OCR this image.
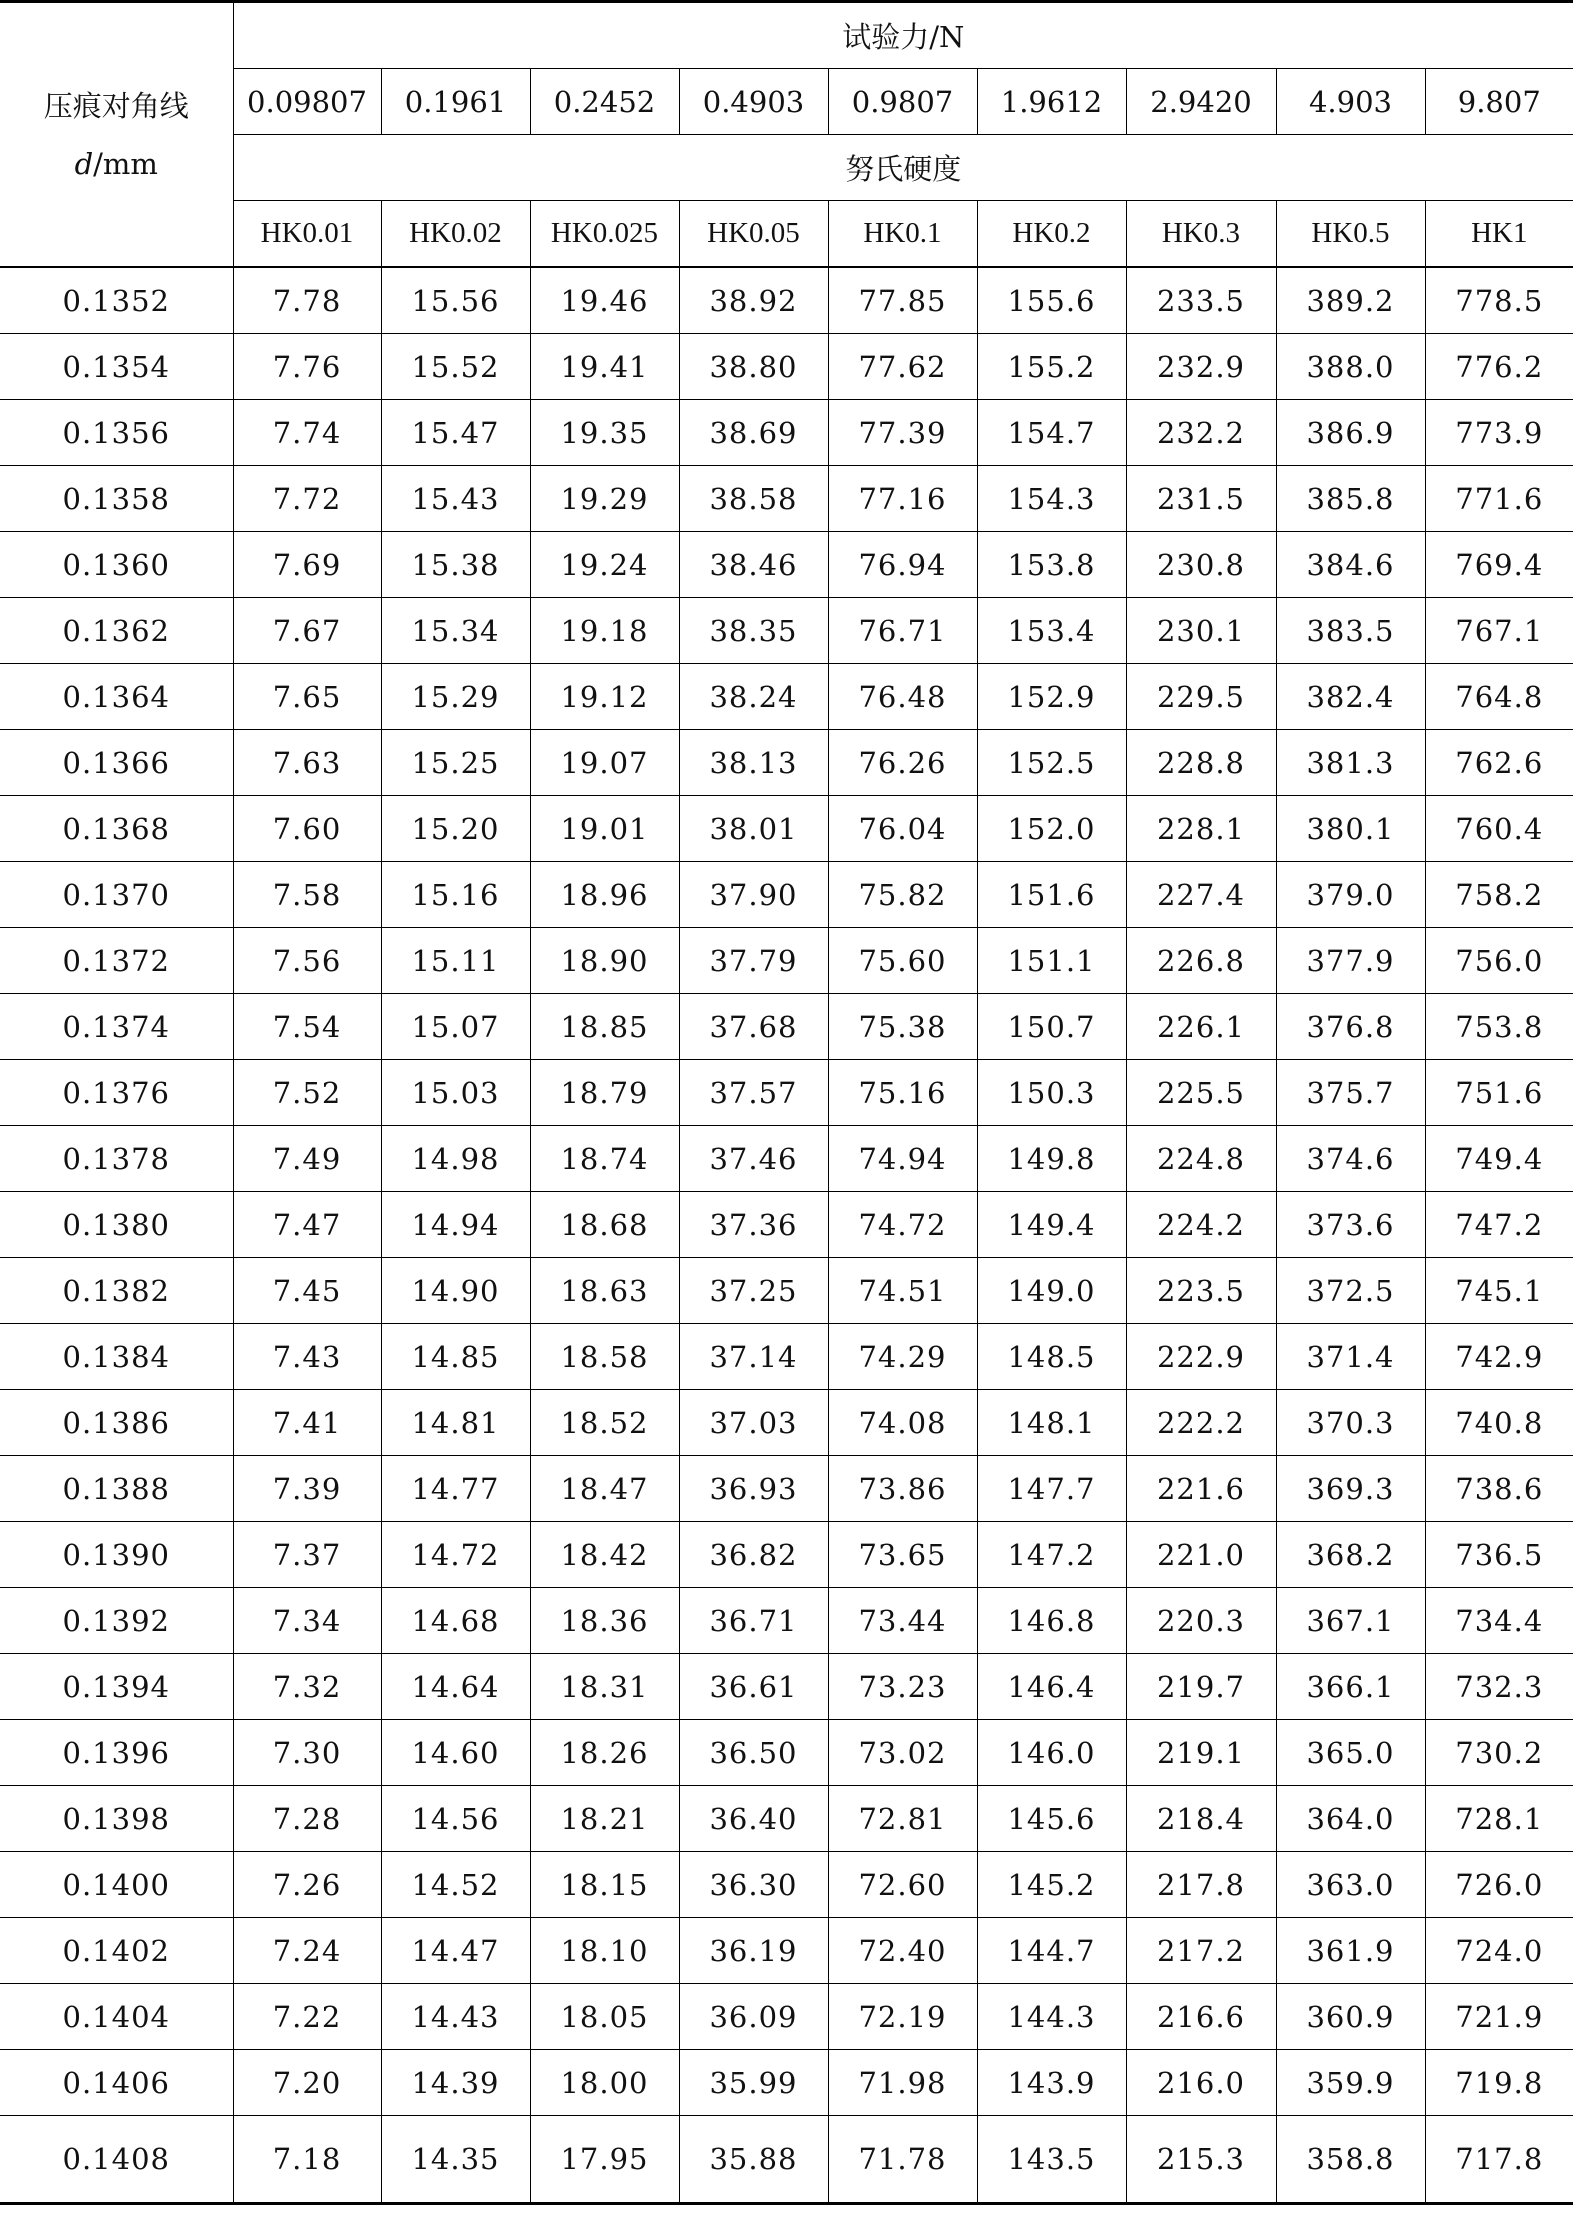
压痕对角线
d/mm	试验力/N								
	0.09807	0.1961	0.2452	0.4903	0.9807	1.9612	2.9420	4.903	9.807
	努氏硬度								
	HK0.01	HK0.02	HK0.025	HK0.05	HK0.1	HK0.2	HK0.3	HK0.5	HK1
0.1352	7.78	15.56	19.46	38.92	77.85	155.6	233.5	389.2	778.5
0.1354	7.76	15.52	19.41	38.80	77.62	155.2	232.9	388.0	776.2
0.1356	7.74	15.47	19.35	38.69	77.39	154.7	232.2	386.9	773.9
0.1358	7.72	15.43	19.29	38.58	77.16	154.3	231.5	385.8	771.6
0.1360	7.69	15.38	19.24	38.46	76.94	153.8	230.8	384.6	769.4
0.1362	7.67	15.34	19.18	38.35	76.71	153.4	230.1	383.5	767.1
0.1364	7.65	15.29	19.12	38.24	76.48	152.9	229.5	382.4	764.8
0.1366	7.63	15.25	19.07	38.13	76.26	152.5	228.8	381.3	762.6
0.1368	7.60	15.20	19.01	38.01	76.04	152.0	228.1	380.1	760.4
0.1370	7.58	15.16	18.96	37.90	75.82	151.6	227.4	379.0	758.2
0.1372	7.56	15.11	18.90	37.79	75.60	151.1	226.8	377.9	756.0
0.1374	7.54	15.07	18.85	37.68	75.38	150.7	226.1	376.8	753.8
0.1376	7.52	15.03	18.79	37.57	75.16	150.3	225.5	375.7	751.6
0.1378	7.49	14.98	18.74	37.46	74.94	149.8	224.8	374.6	749.4
0.1380	7.47	14.94	18.68	37.36	74.72	149.4	224.2	373.6	747.2
0.1382	7.45	14.90	18.63	37.25	74.51	149.0	223.5	372.5	745.1
0.1384	7.43	14.85	18.58	37.14	74.29	148.5	222.9	371.4	742.9
0.1386	7.41	14.81	18.52	37.03	74.08	148.1	222.2	370.3	740.8
0.1388	7.39	14.77	18.47	36.93	73.86	147.7	221.6	369.3	738.6
0.1390	7.37	14.72	18.42	36.82	73.65	147.2	221.0	368.2	736.5
0.1392	7.34	14.68	18.36	36.71	73.44	146.8	220.3	367.1	734.4
0.1394	7.32	14.64	18.31	36.61	73.23	146.4	219.7	366.1	732.3
0.1396	7.30	14.60	18.26	36.50	73.02	146.0	219.1	365.0	730.2
0.1398	7.28	14.56	18.21	36.40	72.81	145.6	218.4	364.0	728.1
0.1400	7.26	14.52	18.15	36.30	72.60	145.2	217.8	363.0	726.0
0.1402	7.24	14.47	18.10	36.19	72.40	144.7	217.2	361.9	724.0
0.1404	7.22	14.43	18.05	36.09	72.19	144.3	216.6	360.9	721.9
0.1406	7.20	14.39	18.00	35.99	71.98	143.9	216.0	359.9	719.8
0.1408	7.18	14.35	17.95	35.88	71.78	143.5	215.3	358.8	717.8
